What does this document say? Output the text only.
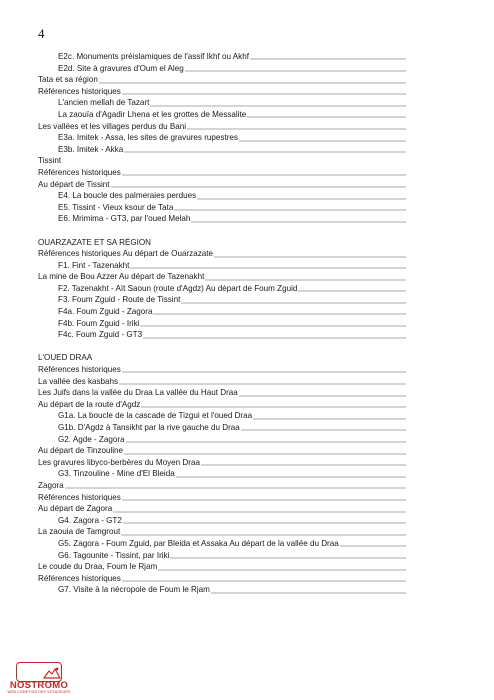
4
E2c. Monuments préislamiques de l'assif Ikhf ou Akhf
E2d. Site à gravures d'Oum el Aleg
Tata et sa région
Références historiques
L'ancien mellah de Tazart
La zaouïa d'Agadir Lhena et les grottes de Messalite
Les vallées et les villages perdus du Bani
E3a. Imitek - Assa, les sites de gravures rupestres
E3b. Imitek - Akka
Tissint
Références historiques
Au départ de Tissint
E4. La boucle des palmeraies perdues
E5. Tissint - Vieux ksour de Tata
E6. Mrimima - GT3, par l'oued Melah
OUARZAZATE ET SA RÉGION
Références historiques Au départ de Ouarzazate
F1. Fint - Tazenakht
La mine de Bou Azzer Au départ de Tazenakht
F2. Tazenakht - Aït Saoun (route d'Agdz) Au départ de Foum Zguid
F3. Foum Zguid - Route de Tissint
F4a. Foum Zguid - Zagora
F4b. Foum Zguid - Iriki
F4c. Foum Zguid - GT3
L'OUED DRAA
Références historiques
La vallée des kasbahs
Les Juifs dans la vallée du Draa La vallée du Haut Draa
Au départ de la route d'Agdz
G1a. La boucle de la cascade de Tizgui et l'oued Draa
G1b. D'Agdz à Tansikht par la rive gauche du Draa
G2. Agde - Zagora
Au départ de Tinzouline
Les gravures libyco-berbères du Moyen Draa
G3. Tinzouline - Mine d'El Bleida
Zagora
Références historiques
Au départ de Zagora
G4. Zagora - GT2
La zaouia de Tamgrout
G5. Zagora - Foum Zguid, par Bleida et Assaka Au départ de la vallée du Draa
G6. Tagounite - Tissint, par Iriki
Le coude du Draa, Foum le Rjam
Références historiques
G7. Visite à la nécropole de Foum le Rjam
NOSTROMO
WEB COMPTOIR DES VOYAGEURS
